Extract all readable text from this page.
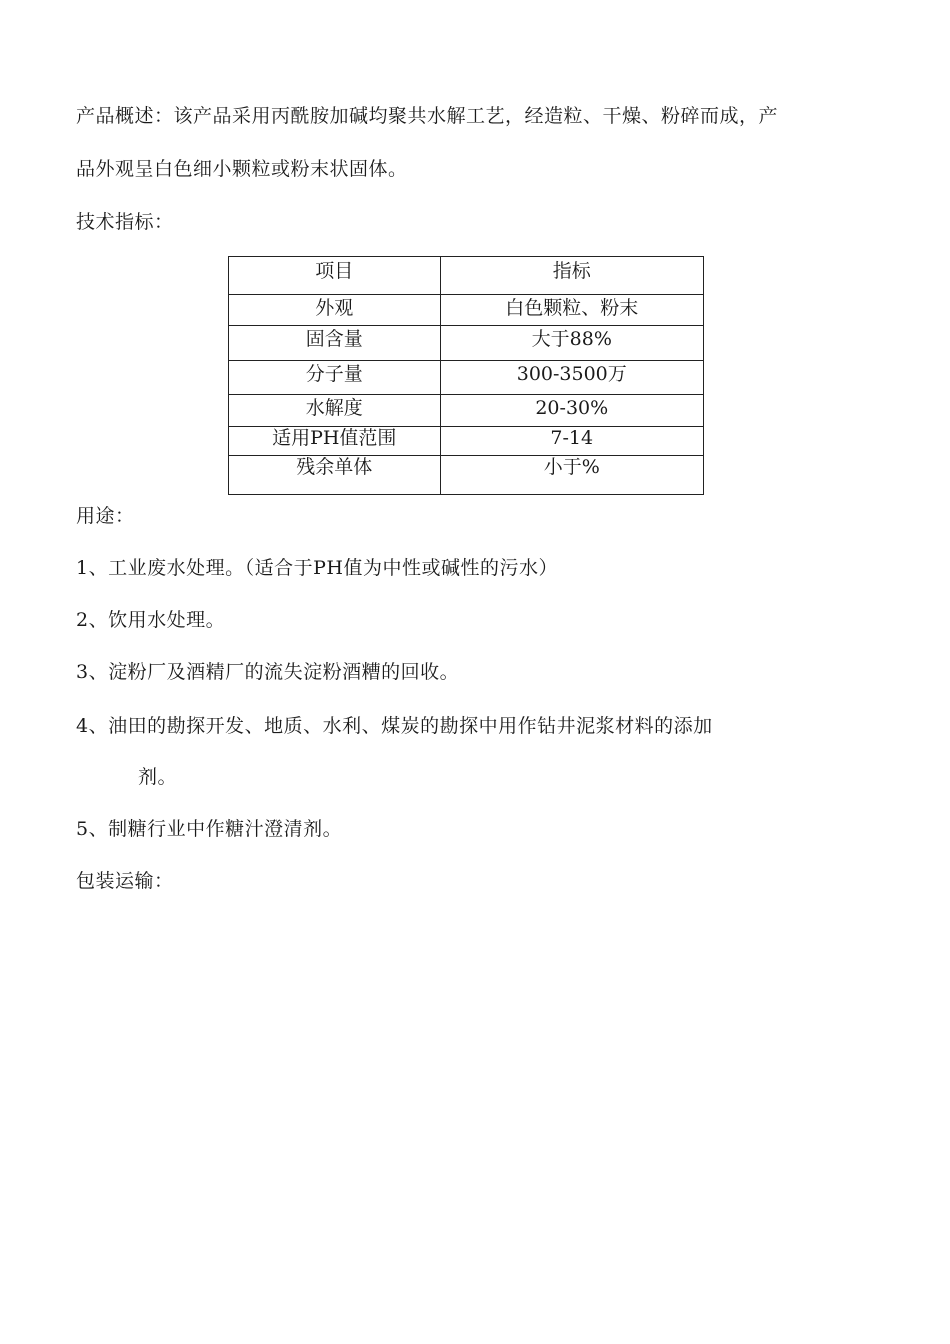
产品概述：该产品采用丙酰胺加碱均聚共水解工艺，经造粒、干燥、粉碎而成，产
品外观呈白色细小颗粒或粉末状固体。
技术指标：
项目	指标
外观	白色颗粒、粉末
固含量	大于88%
分子量	300-3500万
水解度	20-30%
适用PH值范围	7-14
残余单体	小于%
用途：
1、工业废水处理。（适合于PH值为中性或碱性的污水）
2、饮用水处理。
3、淀粉厂及酒精厂的流失淀粉酒糟的回收。
4、油田的勘探开发、地质、水利、煤炭的勘探中用作钻井泥浆材料的添加
剂。
5、制糖行业中作糖汁澄清剂。
包装运输：
